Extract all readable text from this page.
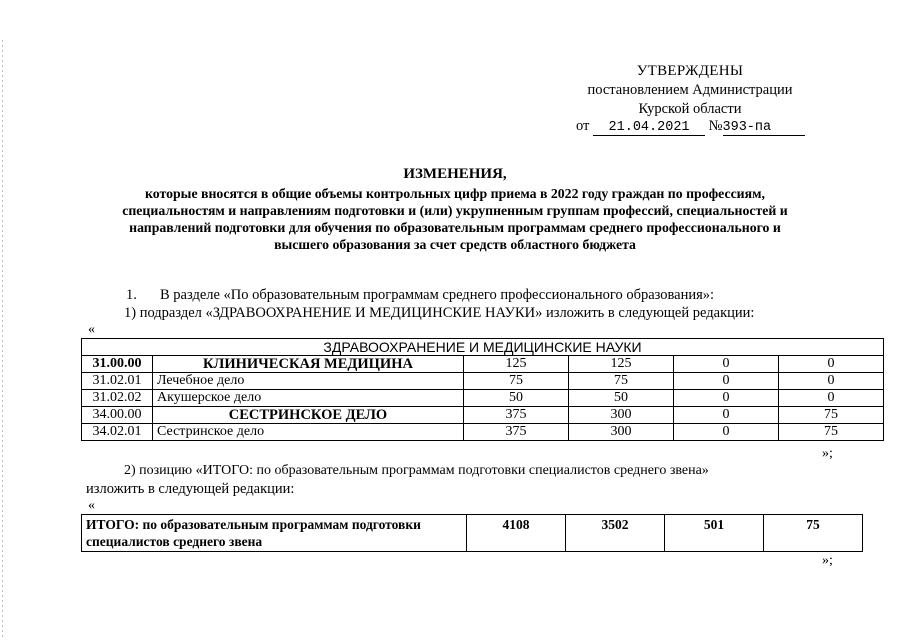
УТВЕРЖДЕНЫ
постановлением Администрации
Курской области
от 21.04.2021 №393-па
ИЗМЕНЕНИЯ,
которые вносятся в общие объемы контрольных цифр приема в 2022 году граждан по профессиям,
специальностям и направлениям подготовки и (или) укрупненным группам профессий, специальностей и
направлений подготовки для обучения по образовательным программам среднего профессионального и
высшего образования за счет средств областного бюджета
1. В разделе «По образовательным программам среднего профессионального образования»:
1) подраздел «ЗДРАВООХРАНЕНИЕ И МЕДИЦИНСКИЕ НАУКИ» изложить в следующей редакции:
«
ЗДРАВООХРАНЕНИЕ И МЕДИЦИНСКИЕ НАУКИ					
31.00.00	КЛИНИЧЕСКАЯ МЕДИЦИНА	125	125	0	0
31.02.01	Лечебное дело	75	75	0	0
31.02.02	Акушерское дело	50	50	0	0
34.00.00	СЕСТРИНСКОЕ ДЕЛО	375	300	0	75
34.02.01	Сестринское дело	375	300	0	75
»;
2) позицию «ИТОГО: по образовательным программам подготовки специалистов среднего звена»
изложить в следующей редакции:
«
ИТОГО: по образовательным программам подготовки
специалистов среднего звена
	4108	3502	501	75
»;
